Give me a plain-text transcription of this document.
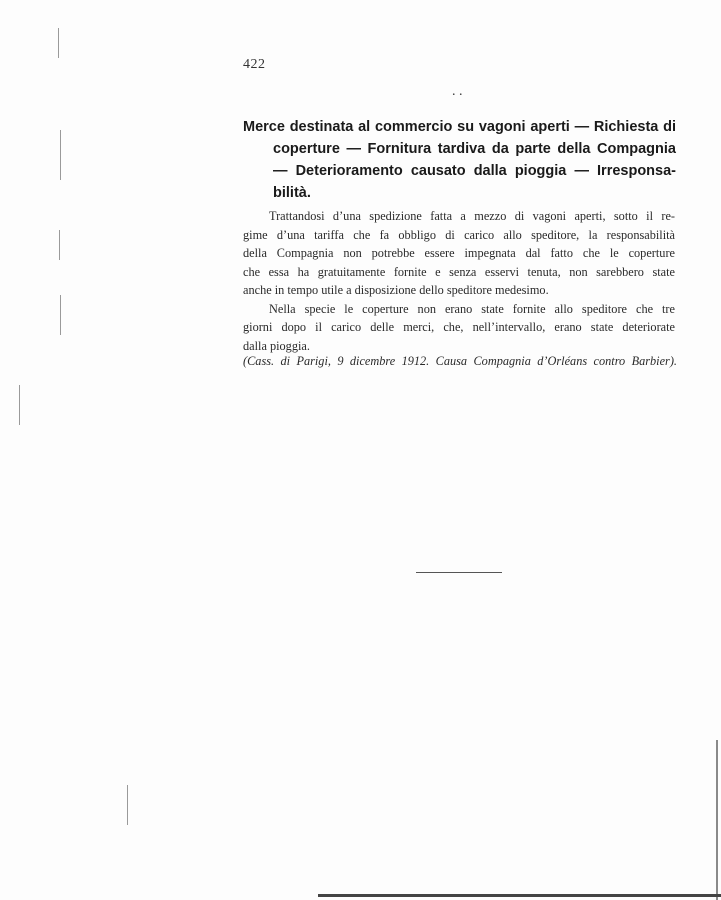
422
. .
Merce destinata al commercio su vagoni aperti — Richiesta di
coperture — Fornitura tardiva da parte della Compagnia
— Deterioramento causato dalla pioggia — Irresponsa-
bilità.
Trattandosi d’una spedizione fatta a mezzo di vagoni aperti, sotto il re-
gime d’una tariffa che fa obbligo di carico allo speditore, la responsabilità
della Compagnia non potrebbe essere impegnata dal fatto che le coperture
che essa ha gratuitamente fornite e senza esservi tenuta, non sarebbero state
anche in tempo utile a disposizione dello speditore medesimo.
Nella specie le coperture non erano state fornite allo speditore che tre
giorni dopo il carico delle merci, che, nell’intervallo, erano state deteriorate
dalla pioggia.
(Cass. di Parigi, 9 dicembre 1912. Causa Compagnia d’Orléans contro Barbier).
